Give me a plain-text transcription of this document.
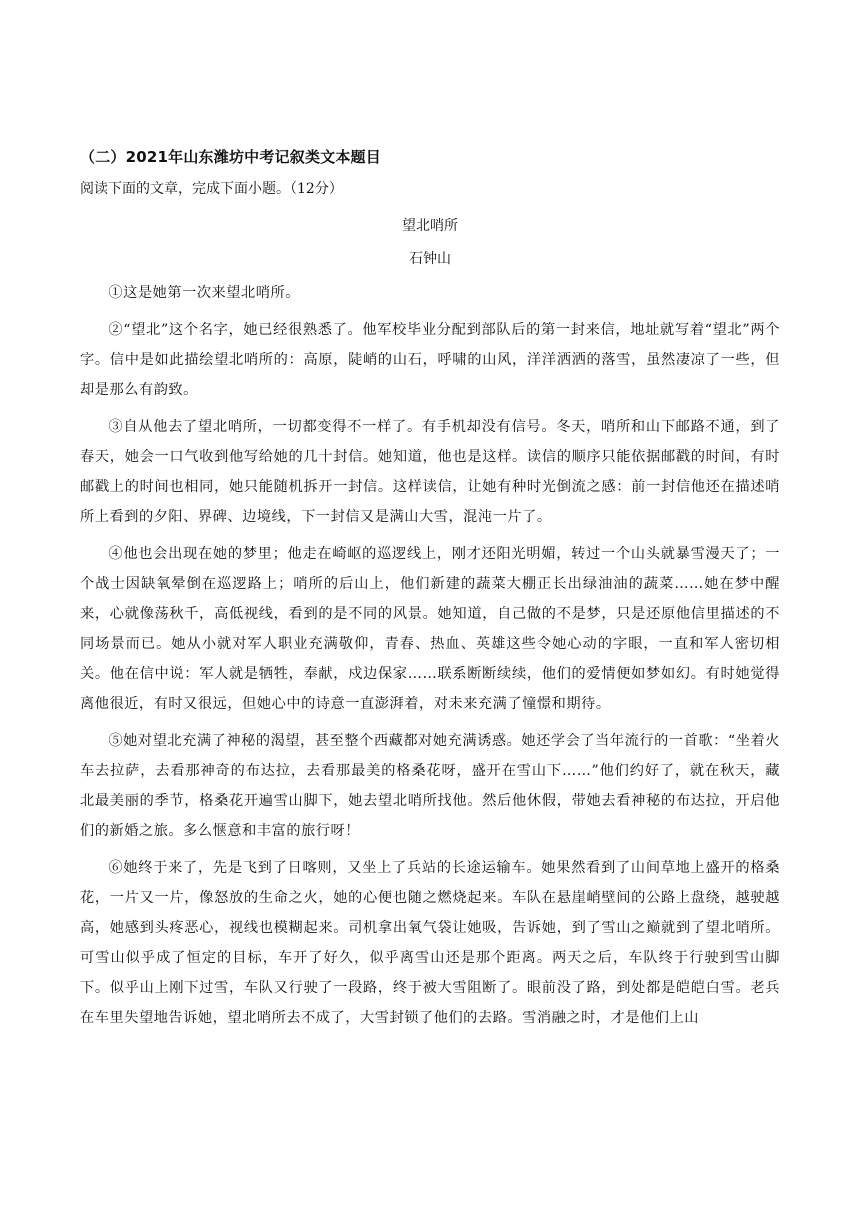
（二）2021年山东潍坊中考记叙类文本题目

阅读下面的文章，完成下面小题。（12分）

望北哨所

石钟山

①这是她第一次来望北哨所。

②“望北”这个名字，她已经很熟悉了。他军校毕业分配到部队后的第一封来信，地址就写着“望北”两个字。信中是如此描绘望北哨所的：高原，陡峭的山石，呼啸的山风，洋洋洒洒的落雪，虽然凄凉了一些，但却是那么有韵致。

③自从他去了望北哨所，一切都变得不一样了。有手机却没有信号。冬天，哨所和山下邮路不通，到了春天，她会一口气收到他写给她的几十封信。她知道，他也是这样。读信的顺序只能依据邮戳的时间，有时邮戳上的时间也相同，她只能随机拆开一封信。这样读信，让她有种时光倒流之感：前一封信他还在描述哨所上看到的夕阳、界碑、边境线，下一封信又是满山大雪，混沌一片了。

④他也会出现在她的梦里；他走在崎岖的巡逻线上，刚才还阳光明媚，转过一个山头就暴雪漫天了；一个战士因缺氧晕倒在巡逻路上；哨所的后山上，他们新建的蔬菜大棚正长出绿油油的蔬菜……她在梦中醒来，心就像荡秋千，高低视线，看到的是不同的风景。她知道，自己做的不是梦，只是还原他信里描述的不同场景而已。她从小就对军人职业充满敬仰，青春、热血、英雄这些令她心动的字眼，一直和军人密切相关。他在信中说：军人就是牺牲，奉献，戍边保家……联系断断续续，他们的爱情便如梦如幻。有时她觉得离他很近，有时又很远，但她心中的诗意一直澎湃着，对未来充满了憧憬和期待。

⑤她对望北充满了神秘的渴望，甚至整个西藏都对她充满诱惑。她还学会了当年流行的一首歌：“坐着火车去拉萨，去看那神奇的布达拉，去看那最美的格桑花呀，盛开在雪山下……”他们约好了，就在秋天，藏北最美丽的季节，格桑花开遍雪山脚下，她去望北哨所找他。然后他休假，带她去看神秘的布达拉，开启他们的新婚之旅。多么惬意和丰富的旅行呀！

⑥她终于来了，先是飞到了日喀则，又坐上了兵站的长途运输车。她果然看到了山间草地上盛开的格桑花，一片又一片，像怒放的生命之火，她的心便也随之燃烧起来。车队在悬崖峭壁间的公路上盘绕，越驶越高，她感到头疼恶心，视线也模糊起来。司机拿出氧气袋让她吸，告诉她，到了雪山之巅就到了望北哨所。可雪山似乎成了恒定的目标，车开了好久，似乎离雪山还是那个距离。两天之后，车队终于行驶到雪山脚下。似乎山上刚下过雪，车队又行驶了一段路，终于被大雪阻断了。眼前没了路，到处都是皑皑白雪。老兵在车里失望地告诉她，望北哨所去不成了，大雪封锁了他们的去路。雪消融之时，才是他们上山
